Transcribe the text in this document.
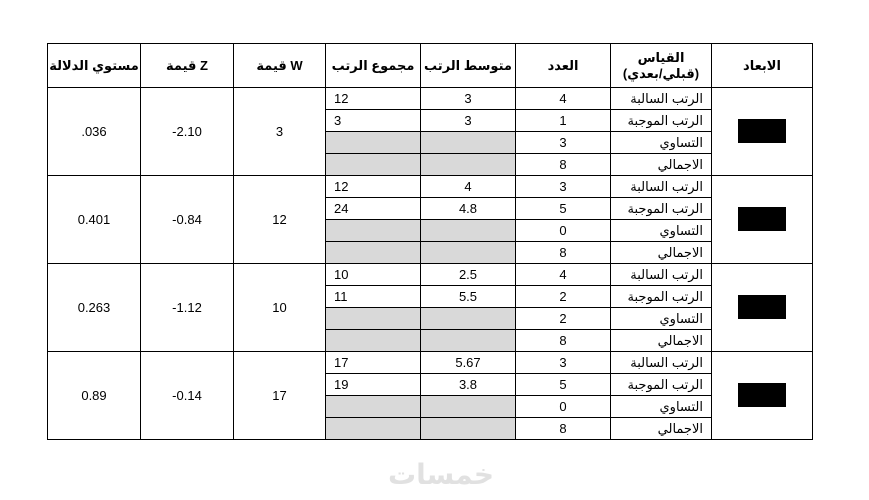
مستوي الدلالة	قيمة Z	قيمة W	مجموع الرتب	متوسط الرتب	العدد	القياس
(قبلي/بعدي)	الابعاد
.036	-2.10	3	12	3	4	الرتب السالبة	
			3	3	1	الرتب الموجبة	
					3	التساوي	
					8	الاجمالي	
0.401	-0.84	12	12	4	3	الرتب السالبة	
			24	4.8	5	الرتب الموجبة	
					0	التساوي	
					8	الاجمالي	
0.263	-1.12	10	10	2.5	4	الرتب السالبة	
			11	5.5	2	الرتب الموجبة	
					2	التساوي	
					8	الاجمالي	
0.89	-0.14	17	17	5.67	3	الرتب السالبة	
			19	3.8	5	الرتب الموجبة	
					0	التساوي	
					8	الاجمالي	
خمسات
